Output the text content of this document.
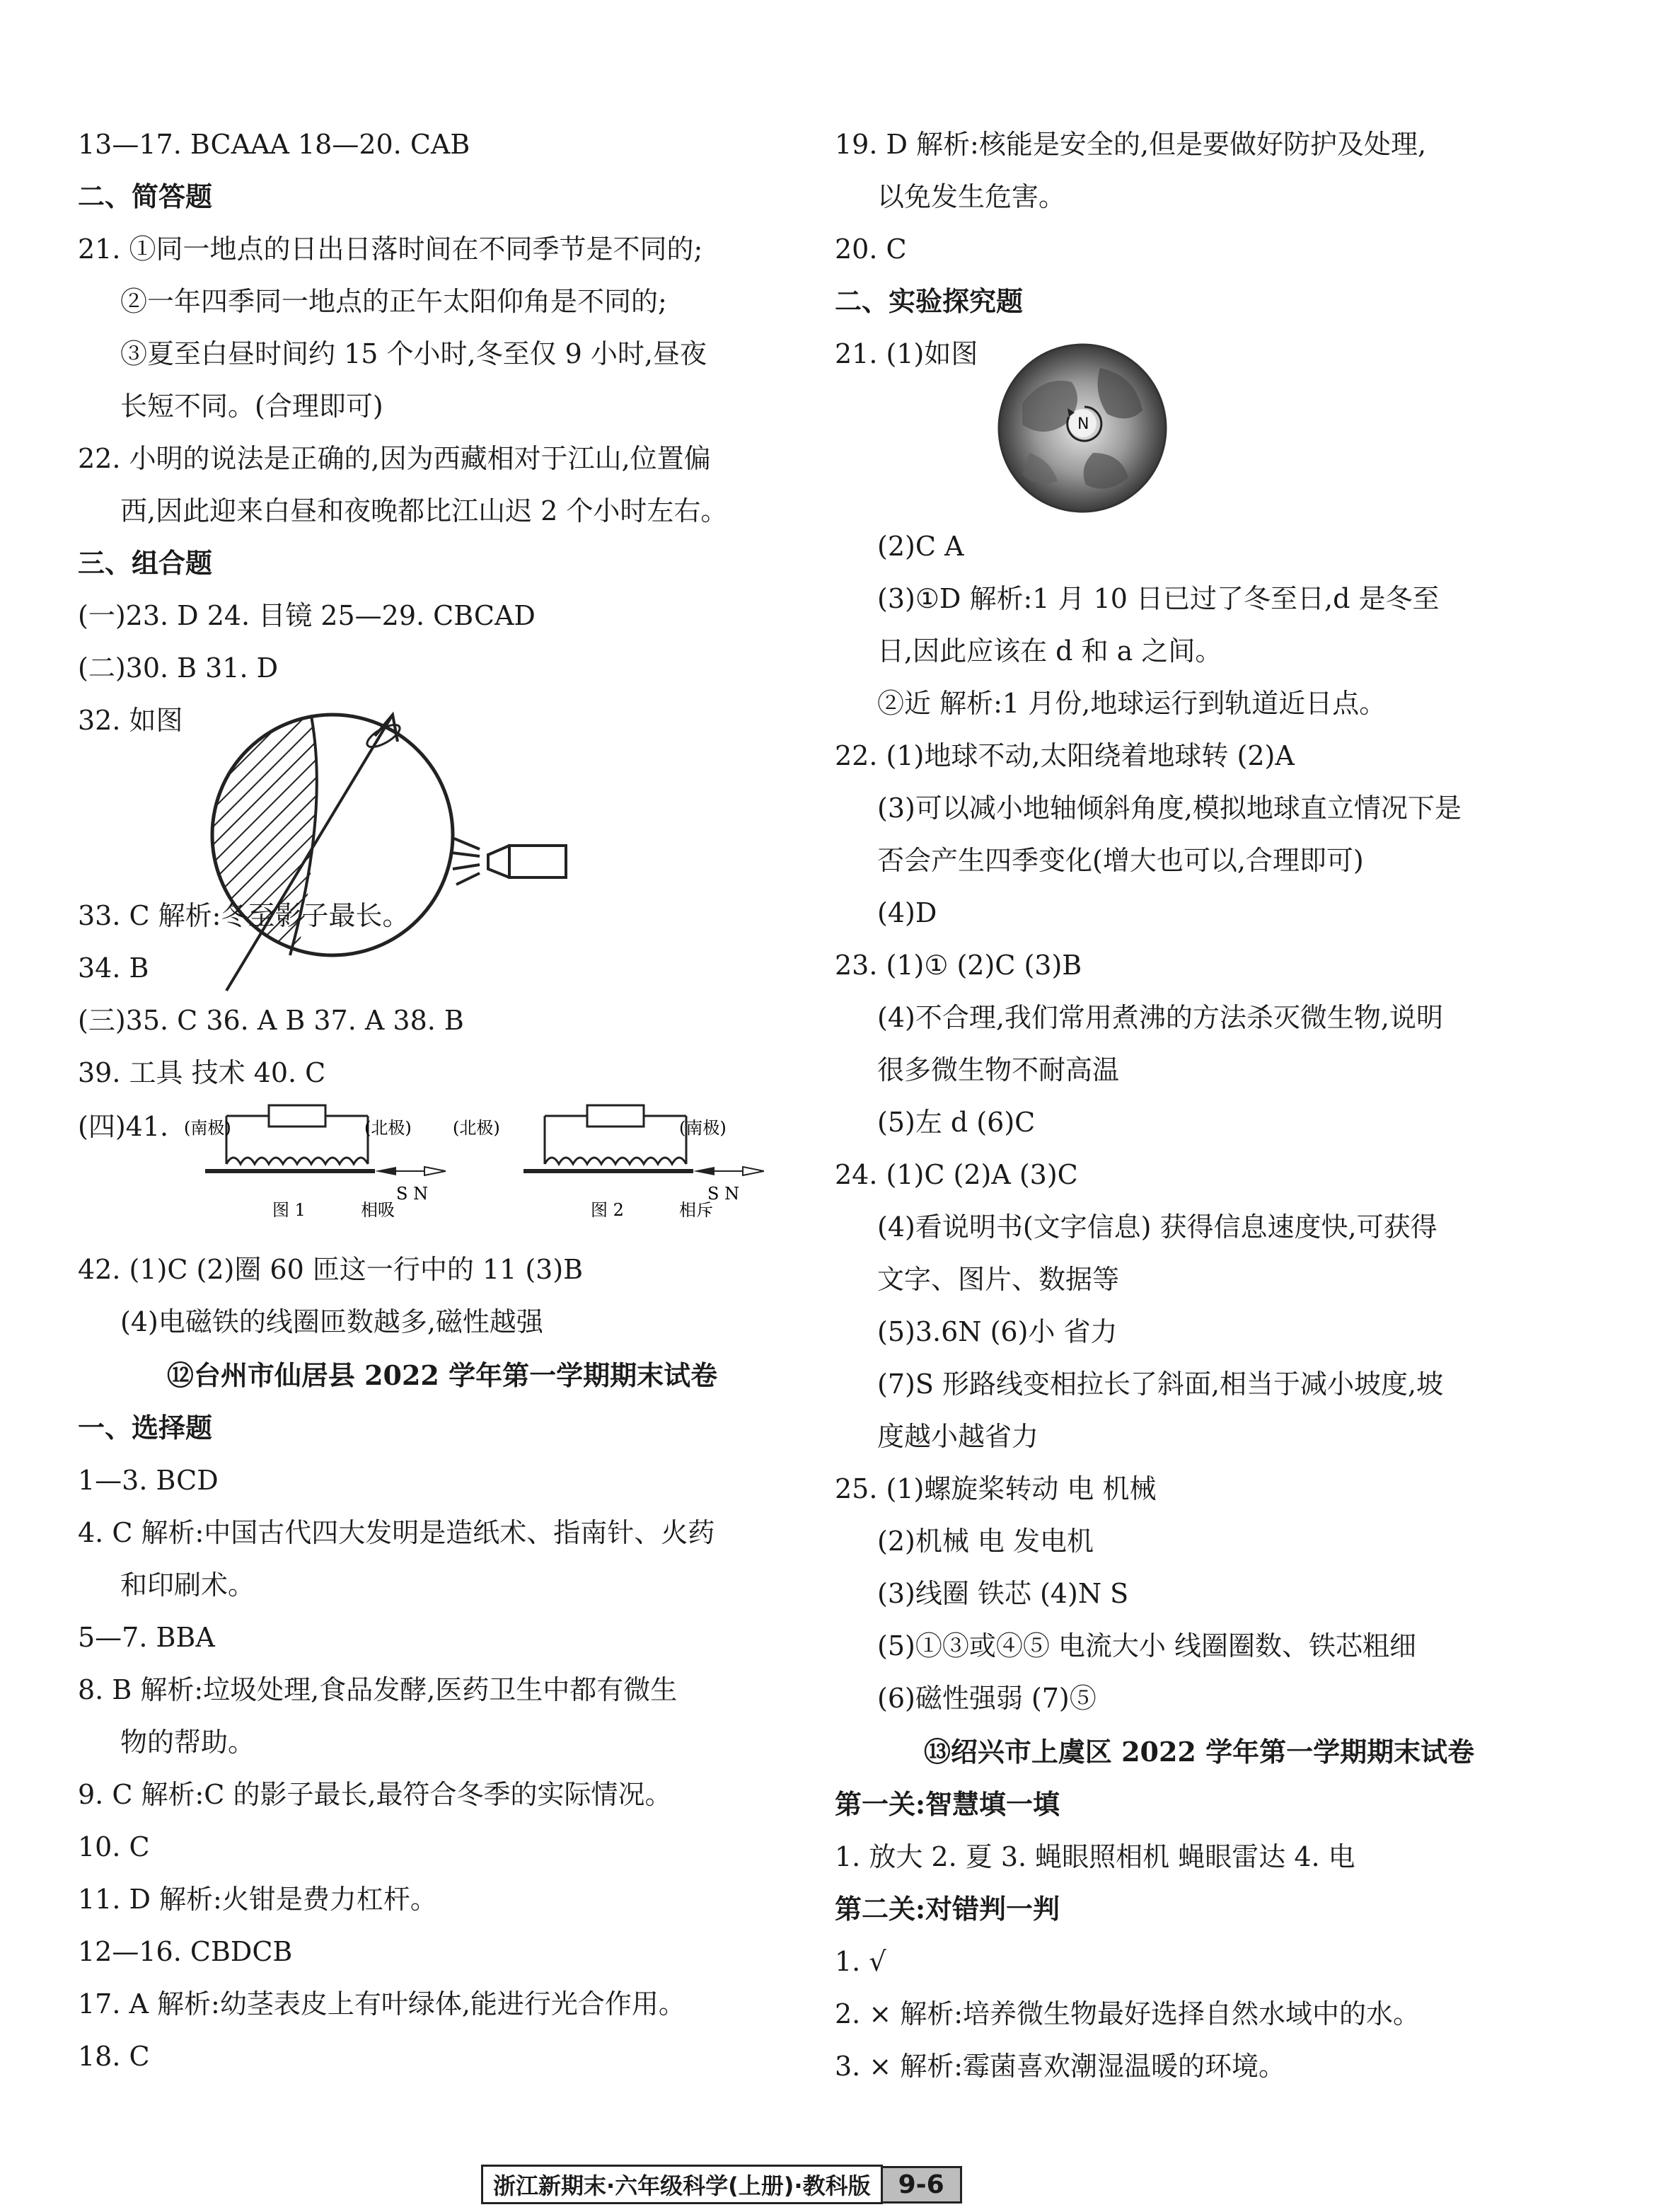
13—17. BCAAA 18—20. CAB
二、简答题
21. ①同一地点的日出日落时间在不同季节是不同的;
②一年四季同一地点的正午太阳仰角是不同的;
③夏至白昼时间约 15 个小时,冬至仅 9 小时,昼夜
长短不同。(合理即可)
22. 小明的说法是正确的,因为西藏相对于江山,位置偏
西,因此迎来白昼和夜晚都比江山迟 2 个小时左右。
三、组合题
(一)23. D 24. 目镜 25—29. CBCAD
(二)30. B 31. D
32. 如图
33. C 解析:冬至影子最长。
34. B
(三)35. C 36. A B 37. A 38. B
39. 工具 技术 40. C
(四)41. (南极)	(北极)
S N
图 1	相吸
(北极)	(南极)
S N
图 2	相斥
42. (1)C (2)圈 60 匝这一行中的 11 (3)B
(4)电磁铁的线圈匝数越多,磁性越强
⑫台州市仙居县 2022 学年第一学期期末试卷
一、选择题
1—3. BCD
4. C 解析:中国古代四大发明是造纸术、指南针、火药
和印刷术。
5—7. BBA
8. B 解析:垃圾处理,食品发酵,医药卫生中都有微生
物的帮助。
9. C 解析:C 的影子最长,最符合冬季的实际情况。
10. C
11. D 解析:火钳是费力杠杆。
12—16. CBDCB
17. A 解析:幼茎表皮上有叶绿体,能进行光合作用。
18. C
19. D 解析:核能是安全的,但是要做好防护及处理,
以免发生危害。
20. C
二、实验探究题
21. (1)如图
N
(2)C A
(3)①D 解析:1 月 10 日已过了冬至日,d 是冬至
日,因此应该在 d 和 a 之间。
②近 解析:1 月份,地球运行到轨道近日点。
22. (1)地球不动,太阳绕着地球转 (2)A
(3)可以减小地轴倾斜角度,模拟地球直立情况下是
否会产生四季变化(增大也可以,合理即可)
(4)D
23. (1)① (2)C (3)B
(4)不合理,我们常用煮沸的方法杀灭微生物,说明
很多微生物不耐高温
(5)左 d (6)C
24. (1)C (2)A (3)C
(4)看说明书(文字信息) 获得信息速度快,可获得
文字、图片、数据等
(5)3.6N (6)小 省力
(7)S 形路线变相拉长了斜面,相当于减小坡度,坡
度越小越省力
25. (1)螺旋桨转动 电 机械
(2)机械 电 发电机
(3)线圈 铁芯 (4)N S
(5)①③或④⑤ 电流大小 线圈圈数、铁芯粗细
(6)磁性强弱 (7)⑤
⑬绍兴市上虞区 2022 学年第一学期期末试卷
第一关:智慧填一填
1. 放大 2. 夏 3. 蝇眼照相机 蝇眼雷达 4. 电
第二关:对错判一判
1. √
2. × 解析:培养微生物最好选择自然水域中的水。
3. × 解析:霉菌喜欢潮湿温暖的环境。
浙江新期末·六年级科学(上册)·教科版	9-6
